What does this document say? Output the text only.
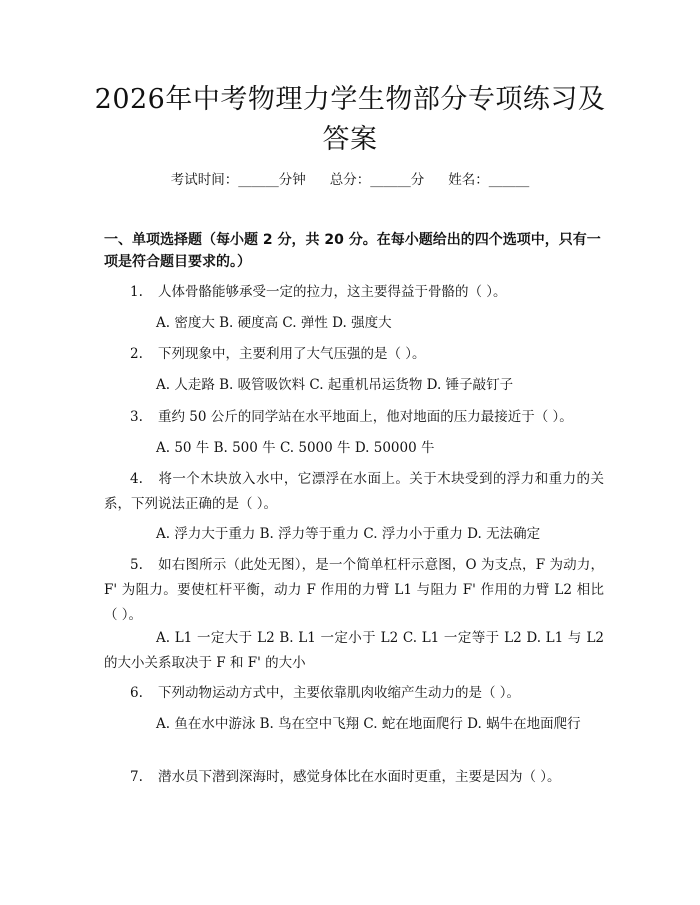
2026年中考物理力学生物部分专项练习及答案
考试时间：______分钟 总分：______分 姓名：______
一、单项选择题（每小题 2 分，共 20 分。在每小题给出的四个选项中，只有一项是符合题目要求的。）
1. 人体骨骼能够承受一定的拉力，这主要得益于骨骼的（ ）。
A. 密度大 B. 硬度高 C. 弹性 D. 强度大
2. 下列现象中，主要利用了大气压强的是（ ）。
A. 人走路 B. 吸管吸饮料 C. 起重机吊运货物 D. 锤子敲钉子
3. 重约 50 公斤的同学站在水平地面上，他对地面的压力最接近于（ ）。
A. 50 牛 B. 500 牛 C. 5000 牛 D. 50000 牛
4. 将一个木块放入水中，它漂浮在水面上。关于木块受到的浮力和重力的关系，下列说法正确的是（ ）。
A. 浮力大于重力 B. 浮力等于重力 C. 浮力小于重力 D. 无法确定
5. 如右图所示（此处无图），是一个简单杠杆示意图，O 为支点，F 为动力，F' 为阻力。要使杠杆平衡，动力 F 作用的力臂 L1 与阻力 F' 作用的力臂 L2 相比（ ）。
A. L1 一定大于 L2 B. L1 一定小于 L2 C. L1 一定等于 L2 D. L1 与 L2 的大小关系取决于 F 和 F' 的大小
6. 下列动物运动方式中，主要依靠肌肉收缩产生动力的是（ ）。
A. 鱼在水中游泳 B. 鸟在空中飞翔 C. 蛇在地面爬行 D. 蜗牛在地面爬行
7. 潜水员下潜到深海时，感觉身体比在水面时更重，主要是因为（ ）。
